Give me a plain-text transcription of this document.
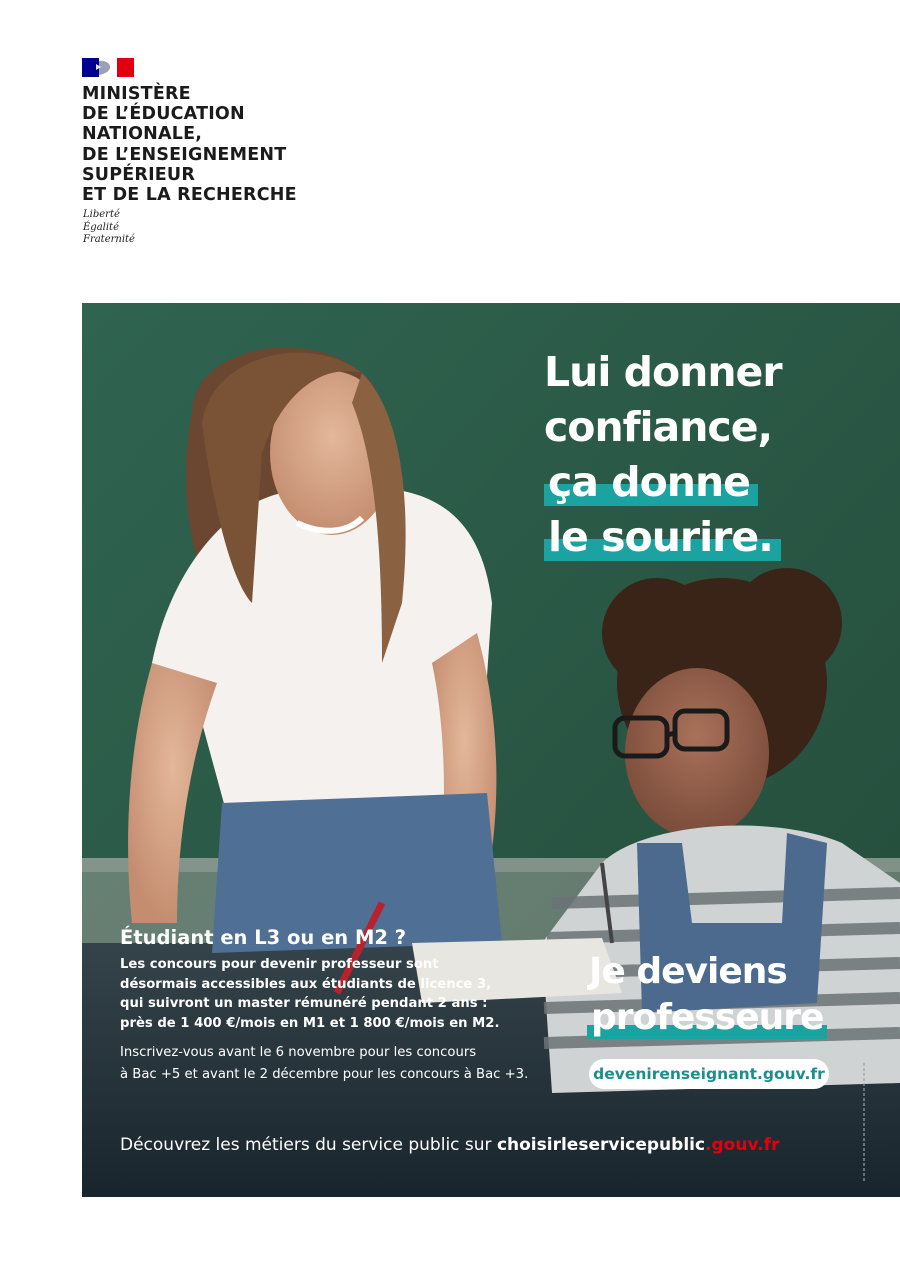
MINISTÈRE
DE L’ÉDUCATION
NATIONALE,
DE L’ENSEIGNEMENT
SUPÉRIEUR
ET DE LA RECHERCHE
Liberté
Égalité
Fraternité
Lui donner
confiance,
ça donne
le sourire.
Étudiant en L3 ou en M2 ?
Les concours pour devenir professeur sont
désormais accessibles aux étudiants de licence 3,
qui suivront un master rémunéré pendant 2 ans :
près de 1 400 €/mois en M1 et 1 800 €/mois en M2.
Inscrivez-vous avant le 6 novembre pour les concours
à Bac +5 et avant le 2 décembre pour les concours à Bac +3.
Je deviens
professeure
devenirenseignant.gouv.fr
Découvrez les métiers du service public sur choisirleservicepublic.gouv.fr
